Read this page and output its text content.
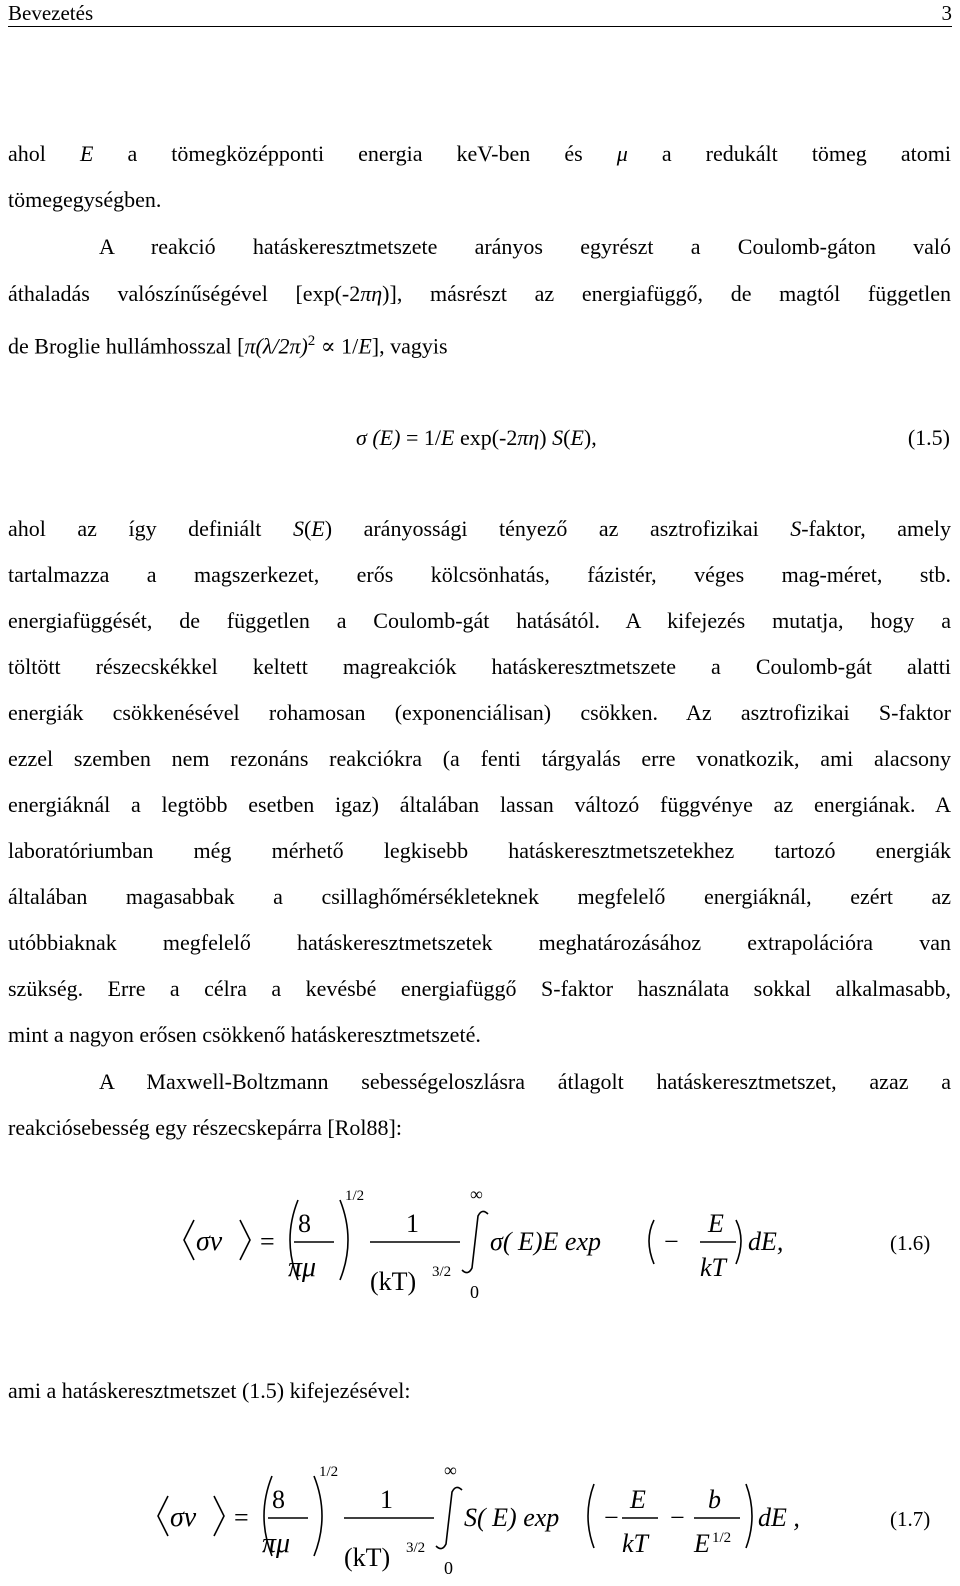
Bevezetés	3
ahol E a tömegközépponti energia keV-ben és μ a redukált tömeg atomi
tömegegységben.
A reakció hatáskeresztmetszete arányos egyrészt a Coulomb-gáton való
áthaladás valószínűségével [exp(-2πη)], másrészt az energiafüggő, de magtól független
de Broglie hullámhosszal $[\pi(\lambda/2\pi)^2 \propto 1/E]$, vagyis
σ (E) = 1/E exp(-2πη) S(E),	(1.5)
ahol az így definiált S(E) arányossági tényező az asztrofizikai S-faktor, amely
tartalmazza a magszerkezet, erős kölcsönhatás, fázistér, véges mag-méret, stb.
energiafüggését, de független a Coulomb-gát hatásától. A kifejezés mutatja, hogy a
töltött részecskékkel keltett magreakciók hatáskeresztmetszete a Coulomb-gát alatti
energiák csökkenésével rohamosan (exponenciálisan) csökken. Az asztrofizikai S-faktor
ezzel szemben nem rezonáns reakciókra (a fenti tárgyalás erre vonatkozik, ami alacsony
energiáknál a legtöbb esetben igaz) általában lassan változó függvénye az energiának. A
laboratóriumban még mérhető legkisebb hatáskeresztmetszetekhez tartozó energiák
általában magasabbak a csillaghőmérsékleteknek megfelelő energiáknál, ezért az
utóbbiaknak megfelelő hatáskeresztmetszetek meghatározásához extrapolációra van
szükség. Erre a célra a kevésbé energiafüggő S-faktor használata sokkal alkalmasabb,
mint a nagyon erősen csökkenő hatáskeresztmetszeté.
A Maxwell-Boltzmann sebességeloszlásra átlagolt hatáskeresztmetszet, azaz a
reakciósebesség egy részecskepárra [Rol88]:
σv =
8
πμ
1/2
1
(kT) 3/2
∞
0
σ( E)E exp −
E
kT
dE,	(1.6)
ami a hatáskeresztmetszet (1.5) kifejezésével:
σv =
8
πμ
1/2
1
(kT) 3/2
∞
0
S( E) exp −
E
kT
−
b
E 1/2
dE ,	(1.7)
